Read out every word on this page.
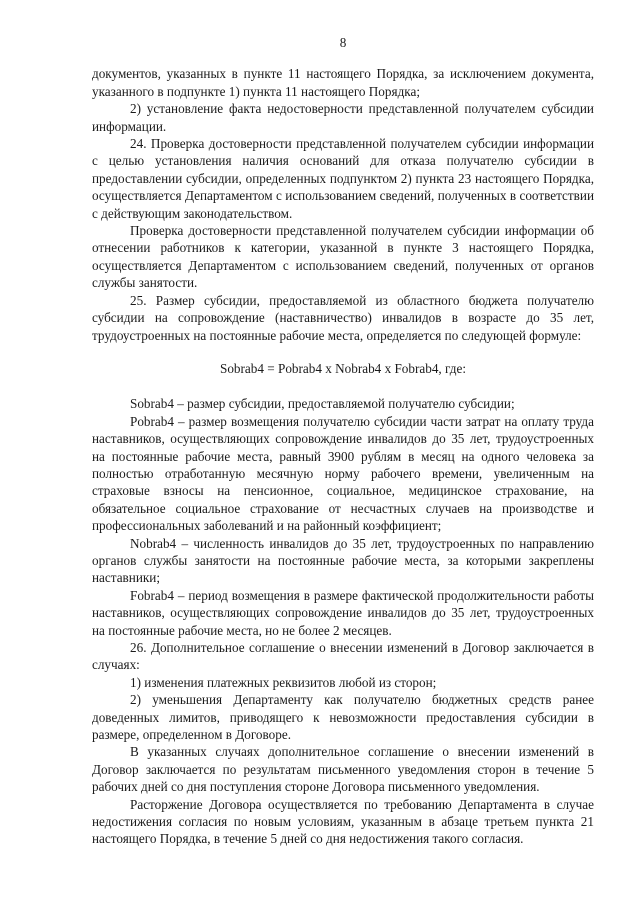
8

документов, указанных в пункте 11 настоящего Порядка, за исключением документа, указанного в подпункте 1) пункта 11 настоящего Порядка;

2) установление факта недостоверности представленной получателем субсидии информации.

24. Проверка достоверности представленной получателем субсидии информации с целью установления наличия оснований для отказа получателю субсидии в предоставлении субсидии, определенных подпунктом 2) пункта 23 настоящего Порядка, осуществляется Департаментом с использованием сведений, полученных в соответствии с действующим законодательством.

Проверка достоверности представленной получателем субсидии информации об отнесении работников к категории, указанной в пункте 3 настоящего Порядка, осуществляется Департаментом с использованием сведений, полученных от органов службы занятости.

25. Размер субсидии, предоставляемой из областного бюджета получателю субсидии на сопровождение (наставничество) инвалидов в возрасте до 35 лет, трудоустроенных на постоянные рабочие места, определяется по следующей формуле:

Sobrab4 = Pobrab4 x Nobrab4 x Fobrab4, где:

Sobrab4 – размер субсидии, предоставляемой получателю субсидии;

Pobrab4 – размер возмещения получателю субсидии части затрат на оплату труда наставников, осуществляющих сопровождение инвалидов до 35 лет, трудоустроенных на постоянные рабочие места, равный 3900 рублям в месяц на одного человека за полностью отработанную месячную норму рабочего времени, увеличенным на страховые взносы на пенсионное, социальное, медицинское страхование, на обязательное социальное страхование от несчастных случаев на производстве и профессиональных заболеваний и на районный коэффициент;

Nobrab4 – численность инвалидов до 35 лет, трудоустроенных по направлению органов службы занятости на постоянные рабочие места, за которыми закреплены наставники;

Fobrab4 – период возмещения в размере фактической продолжительности работы наставников, осуществляющих сопровождение инвалидов до 35 лет, трудоустроенных на постоянные рабочие места, но не более 2 месяцев.

26. Дополнительное соглашение о внесении изменений в Договор заключается в случаях:

1) изменения платежных реквизитов любой из сторон;

2) уменьшения Департаменту как получателю бюджетных средств ранее доведенных лимитов, приводящего к невозможности предоставления субсидии в размере, определенном в Договоре.

В указанных случаях дополнительное соглашение о внесении изменений в Договор заключается по результатам письменного уведомления сторон в течение 5 рабочих дней со дня поступления стороне Договора письменного уведомления.

Расторжение Договора осуществляется по требованию Департамента в случае недостижения согласия по новым условиям, указанным в абзаце третьем пункта 21 настоящего Порядка, в течение 5 дней со дня недостижения такого согласия.
